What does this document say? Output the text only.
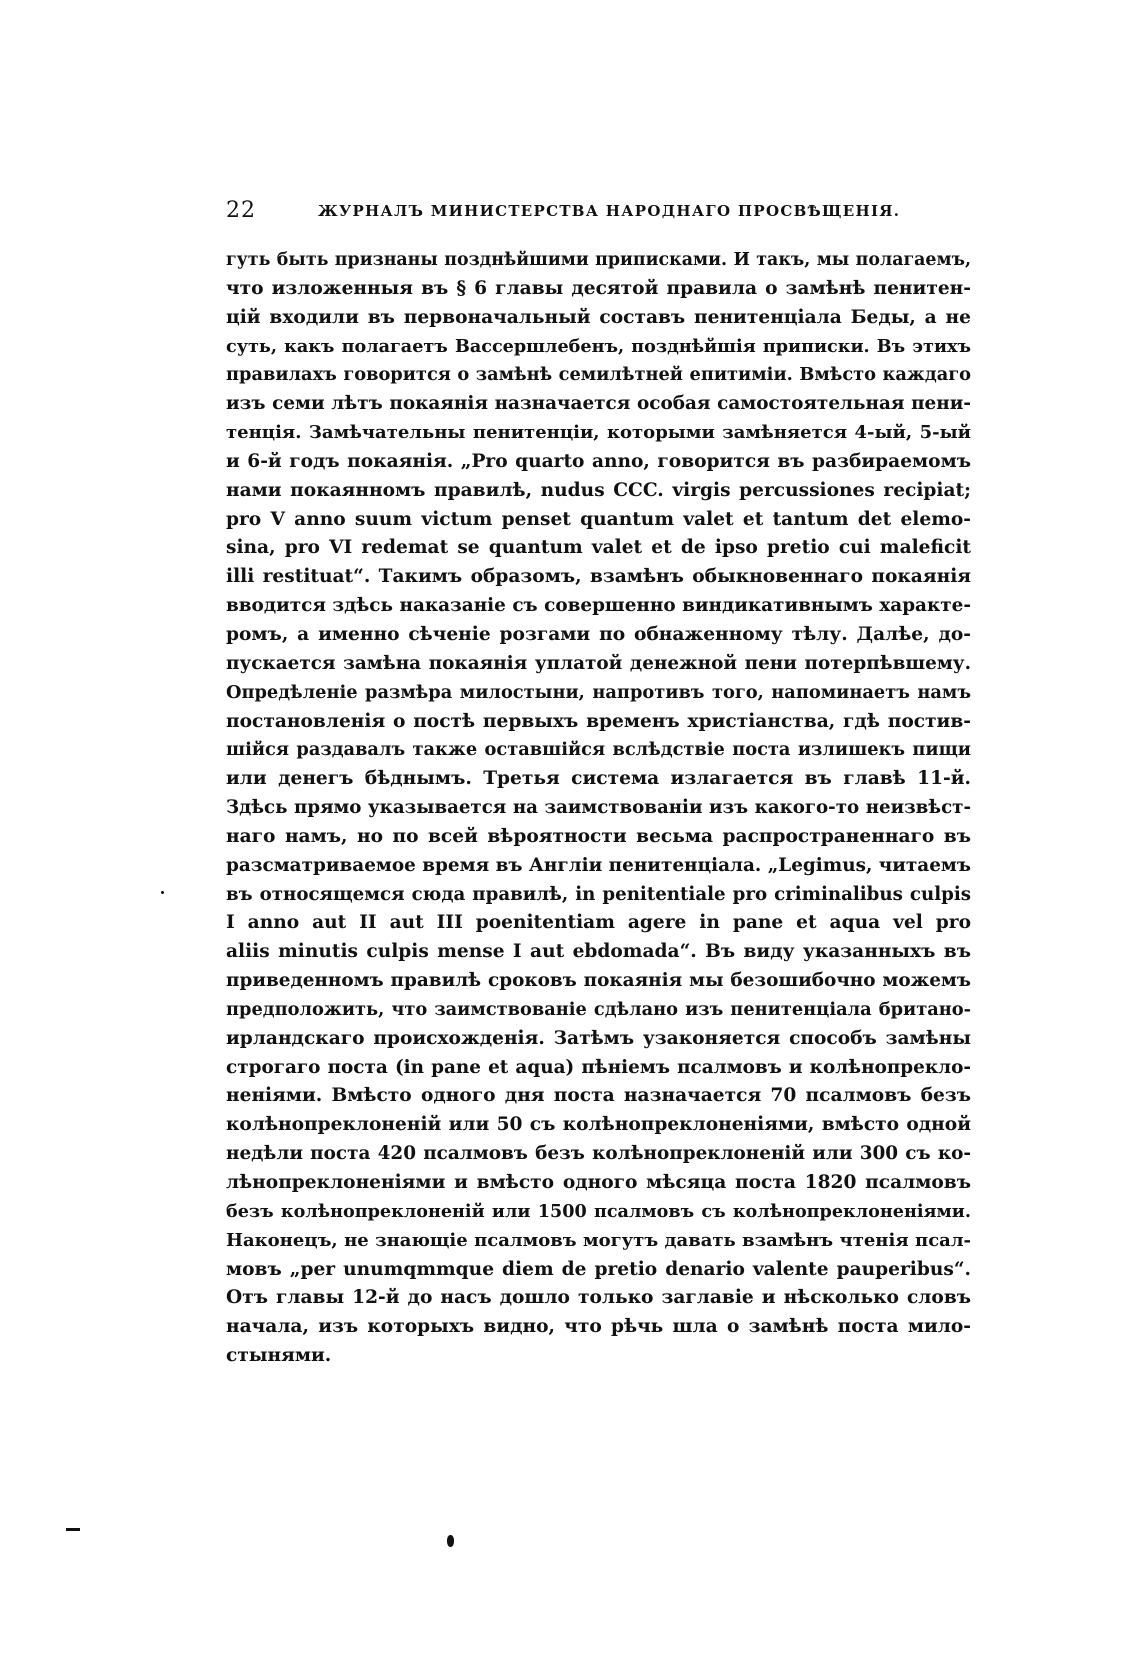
22	ЖУРНАЛЪ МИНИСТЕРСТВА НАРОДНАГО ПРОСВѢЩЕНІЯ.
гуть быть признаны позднѣйшими приписками. И такъ, мы полагаемъ,
что изложенныя въ § 6 главы десятой правила о замѣнѣ пенитен-
цій входили въ первоначальный составъ пенитенціала Беды, а не
суть, какъ полагаетъ Вассершлебенъ, позднѣйшія приписки. Въ этихъ
правилахъ говорится о замѣнѣ семилѣтней епитиміи. Вмѣсто каждаго
изъ семи лѣтъ покаянія назначается особая самостоятельная пени-
тенція. Замѣчательны пенитенціи, которыми замѣняется 4-ый, 5-ый
и 6-й годъ покаянія. „Pro quarto anno, говорится въ разбираемомъ
нами покаянномъ правилѣ, nudus CCC. virgis percussiones recipiat;
pro V anno suum victum penset quantum valet et tantum det elemo-
sina, pro VI redemat se quantum valet et de ipso pretio cui maleficit
illi restituat“. Такимъ образомъ, взамѣнъ обыкновеннаго покаянія
вводится здѣсь наказаніе съ совершенно виндикативнымъ характе-
ромъ, а именно сѣченіе розгами по обнаженному тѣлу. Далѣе, до-
пускается замѣна покаянія уплатой денежной пени потерпѣвшему.
Опредѣленіе размѣра милостыни, напротивъ того, напоминаетъ намъ
постановленія о постѣ первыхъ временъ христіанства, гдѣ постив-
шійся раздавалъ также оставшійся вслѣдствіе поста излишекъ пищи
или денегъ бѣднымъ. Третья система излагается въ главѣ 11-й.
Здѣсь прямо указывается на заимствованіи изъ какого-то неизвѣст-
наго намъ, но по всей вѣроятности весьма распространеннаго въ
разсматриваемое время въ Англіи пенитенціала. „Legimus, читаемъ
въ относящемся сюда правилѣ, in penitentiale pro criminalibus culpis
I anno aut II aut III poenitentiam agere in pane et aqua vel pro
aliis minutis culpis mense I aut ebdomada“. Въ виду указанныхъ въ
приведенномъ правилѣ сроковъ покаянія мы безошибочно можемъ
предположить, что заимствованіе сдѣлано изъ пенитенціала британо-
ирландскаго происхожденія. Затѣмъ узаконяется способъ замѣны
строгаго поста (in pane et aqua) пѣніемъ псалмовъ и колѣнопрекло-
неніями. Вмѣсто одного дня поста назначается 70 псалмовъ безъ
колѣнопреклоненій или 50 съ колѣнопреклоненіями, вмѣсто одной
недѣли поста 420 псалмовъ безъ колѣнопреклоненій или 300 съ ко-
лѣнопреклоненіями и вмѣсто одного мѣсяца поста 1820 псалмовъ
безъ колѣнопреклоненій или 1500 псалмовъ съ колѣнопреклоненіями.
Наконецъ, не знающіе псалмовъ могутъ давать взамѣнъ чтенія псал-
мовъ „per unumqmmque diem de pretio denario valente pauperibus“.
Отъ главы 12-й до насъ дошло только заглавіе и нѣсколько словъ
начала, изъ которыхъ видно, что рѣчь шла о замѣнѣ поста мило-
стынями.
